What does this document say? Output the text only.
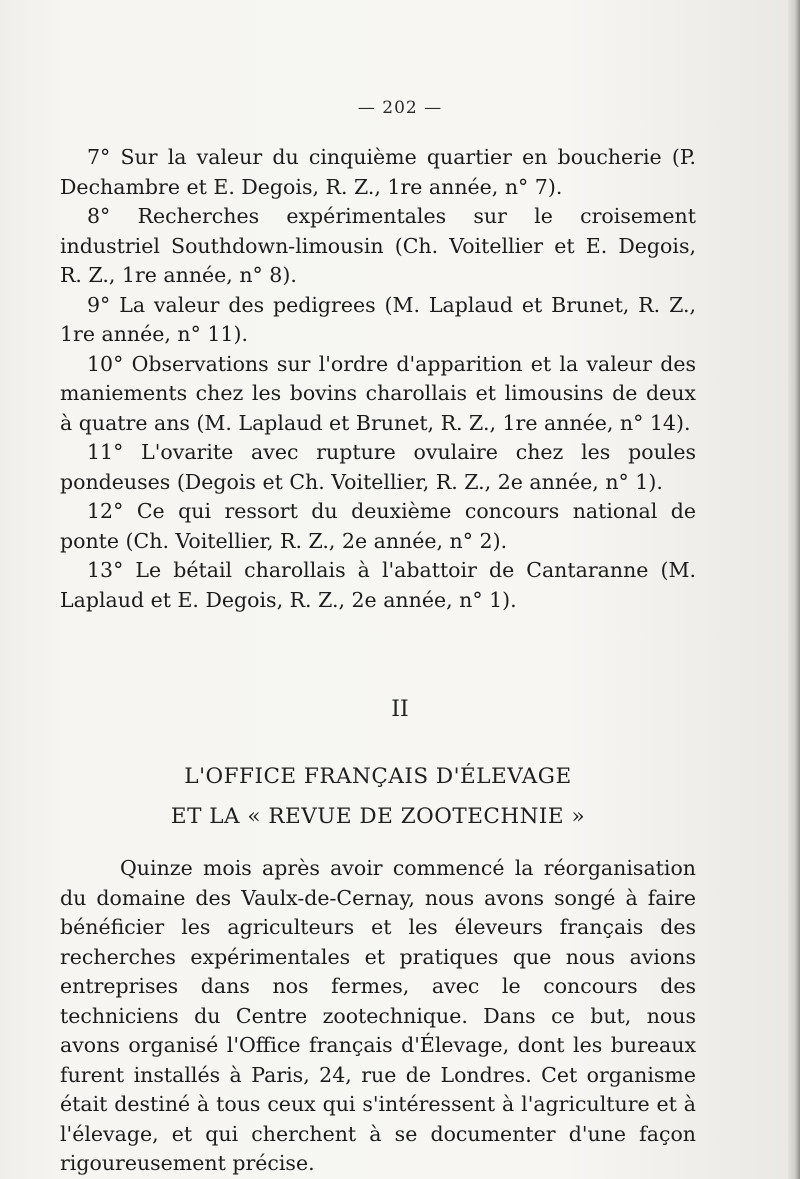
— 202 —

7° Sur la valeur du cinquième quartier en boucherie (P. Dechambre et E. Degois, R. Z., 1re année, n° 7).

8° Recherches expérimentales sur le croisement industriel Southdown-limousin (Ch. Voitellier et E. Degois, R. Z., 1re année, n° 8).

9° La valeur des pedigrees (M. Laplaud et Brunet, R. Z., 1re année, n° 11).

10° Observations sur l'ordre d'apparition et la valeur des maniements chez les bovins charollais et limousins de deux à quatre ans (M. Laplaud et Brunet, R. Z., 1re année, n° 14).

11° L'ovarite avec rupture ovulaire chez les poules pondeuses (Degois et Ch. Voitellier, R. Z., 2e année, n° 1).

12° Ce qui ressort du deuxième concours national de ponte (Ch. Voitellier, R. Z., 2e année, n° 2).

13° Le bétail charollais à l'abattoir de Cantaranne (M. Laplaud et E. Degois, R. Z., 2e année, n° 1).

II
L'OFFICE FRANÇAIS D'ÉLEVAGE
ET LA « REVUE DE ZOOTECHNIE »

Quinze mois après avoir commencé la réorganisation du domaine des Vaulx-de-Cernay, nous avons songé à faire bénéficier les agriculteurs et les éleveurs français des recherches expérimentales et pratiques que nous avions entreprises dans nos fermes, avec le concours des techniciens du Centre zootechnique. Dans ce but, nous avons organisé l'Office français d'Élevage, dont les bureaux furent installés à Paris, 24, rue de Londres. Cet organisme était destiné à tous ceux qui s'intéressent à l'agriculture et à l'élevage, et qui cherchent à se documenter d'une façon rigoureusement précise.
